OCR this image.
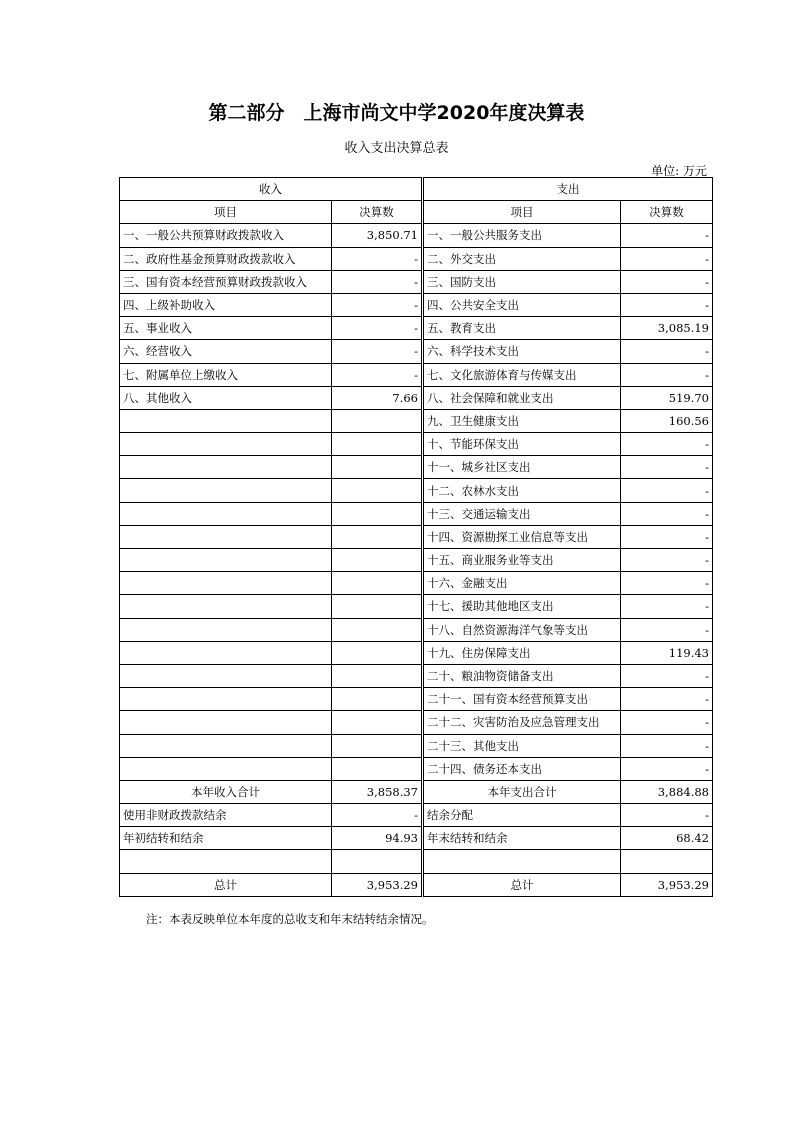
第二部分　上海市尚文中学2020年度决算表
收入支出决算总表
单位: 万元
收入		支出	
项目	决算数	项目	决算数
一、一般公共预算财政拨款收入	3,850.71	一、一般公共服务支出	-
二、政府性基金预算财政拨款收入	-	二、外交支出	-
三、国有资本经营预算财政拨款收入	-	三、国防支出	-
四、上级补助收入	-	四、公共安全支出	-
五、事业收入	-	五、教育支出	3,085.19
六、经营收入	-	六、科学技术支出	-
七、附属单位上缴收入	-	七、文化旅游体育与传媒支出	-
八、其他收入	7.66	八、社会保障和就业支出	519.70
		九、卫生健康支出	160.56
		十、节能环保支出	-
		十一、城乡社区支出	-
		十二、农林水支出	-
		十三、交通运输支出	-
		十四、资源勘探工业信息等支出	-
		十五、商业服务业等支出	-
		十六、金融支出	-
		十七、援助其他地区支出	-
		十八、自然资源海洋气象等支出	-
		十九、住房保障支出	119.43
		二十、粮油物资储备支出	-
		二十一、国有资本经营预算支出	-
		二十二、灾害防治及应急管理支出	-
		二十三、其他支出	-
		二十四、债务还本支出	-
本年收入合计	3,858.37	本年支出合计	3,884.88
使用非财政拨款结余	-	结余分配	-
年初结转和结余	94.93	年末结转和结余	68.42

总计	3,953.29	总计	3,953.29
注：本表反映单位本年度的总收支和年末结转结余情况。
